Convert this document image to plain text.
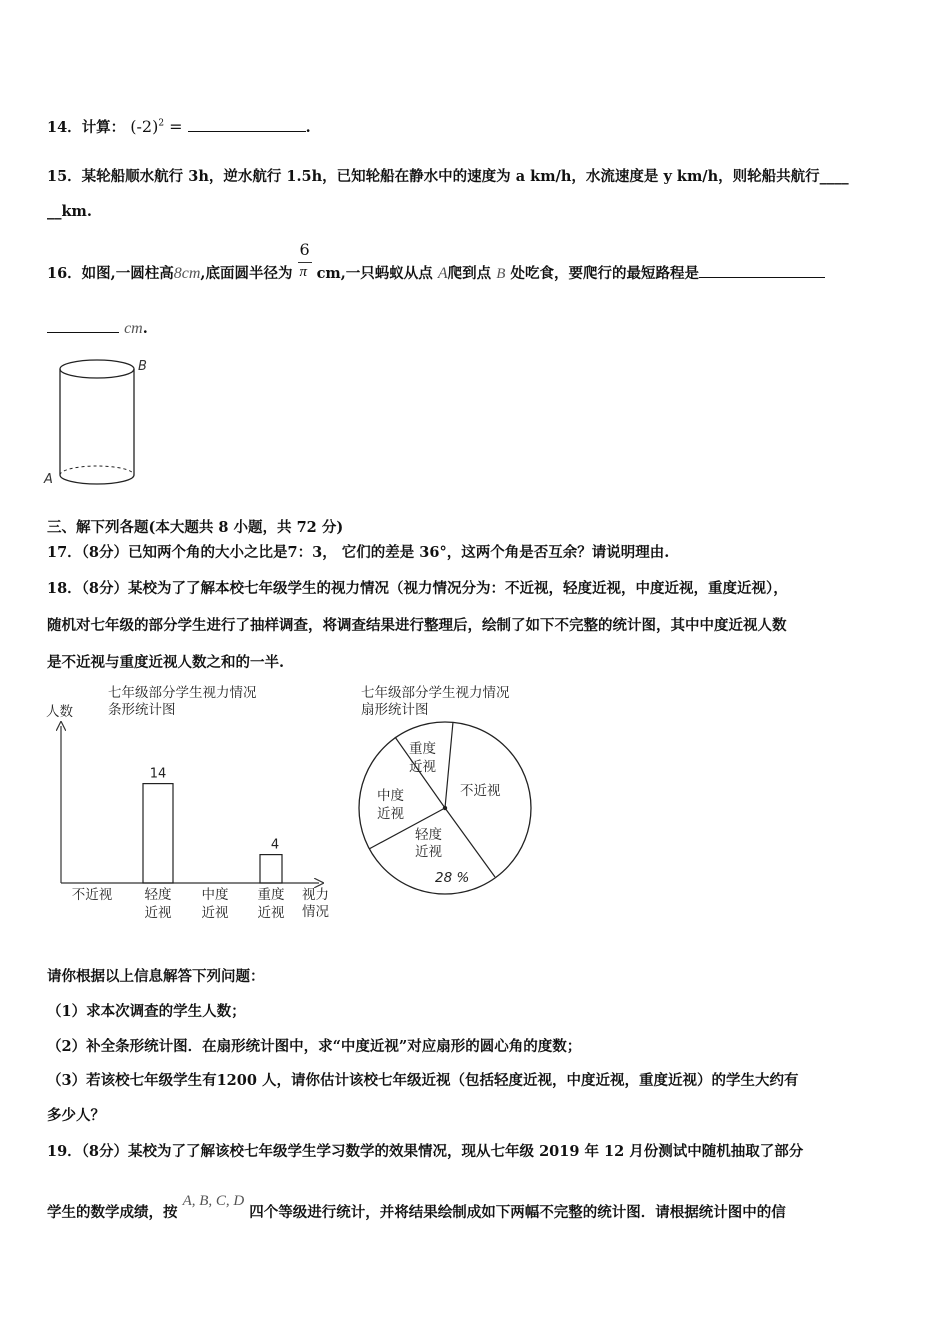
14．计算： $(-2)^2$ =	.
15．某轮船顺水航行 3h，逆水航行 1.5h，已知轮船在静水中的速度为 a km/h，水流速度是 y km/h，则轮船共航行____
__km.
16．如图,一圆柱高8cm,底面圆半径为 $\frac{6}{\pi}$ cm,一只蚂蚁从点 A爬到点 B 处吃食，要爬行的最短路程是
cm.
B
A
三、解下列各题(本大题共 8 小题，共 72 分)
17．（8分）已知两个角的大小之比是7：3， 它们的差是 36°，这两个角是否互余？请说明理由.
18．（8分）某校为了了解本校七年级学生的视力情况（视力情况分为：不近视，轻度近视，中度近视，重度近视），
随机对七年级的部分学生进行了抽样调查，将调查结果进行整理后，绘制了如下不完整的统计图，其中中度近视人数
是不近视与重度近视人数之和的一半.
七年级部分学生视力情况
条形统计图
人数
14
4
不近视 轻度
近视
中度
近视
重度
近视
视力
情况
七年级部分学生视力情况
扇形统计图
不近视
轻度
近视
28 %
中度
近视
重度
近视
请你根据以上信息解答下列问题：
（1）求本次调查的学生人数；
（2）补全条形统计图．在扇形统计图中，求“中度近视”对应扇形的圆心角的度数；
（3）若该校七年级学生有1200 人，请你估计该校七年级近视（包括轻度近视，中度近视，重度近视）的学生大约有
多少人？
19．（8分）某校为了了解该校七年级学生学习数学的效果情况，现从七年级 2019 年 12 月份测试中随机抽取了部分
学生的数学成绩，按 A, B, C, D 四个等级进行统计，并将结果绘制成如下两幅不完整的统计图．请根据统计图中的信
